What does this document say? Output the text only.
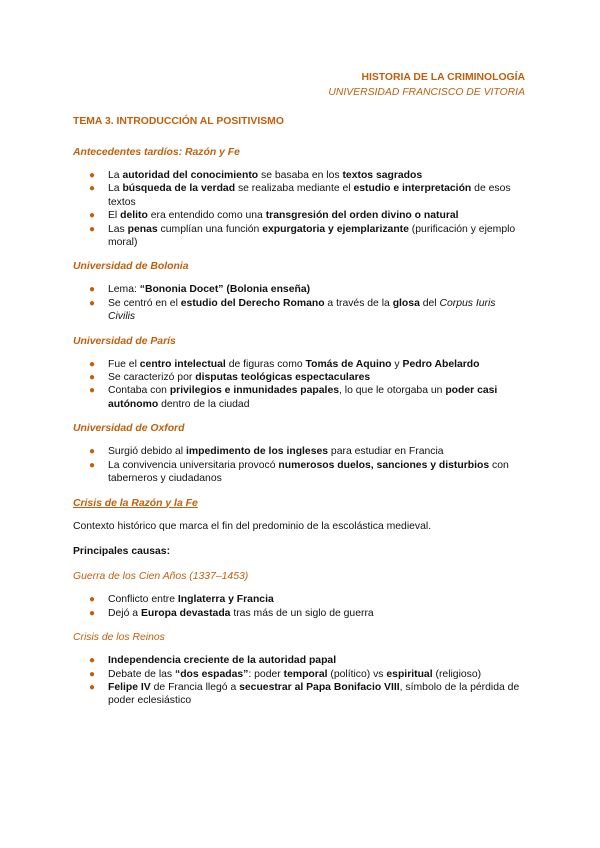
HISTORIA DE LA CRIMINOLOGÍA
UNIVERSIDAD FRANCISCO DE VITORIA
TEMA 3. INTRODUCCIÓN AL POSITIVISMO
Antecedentes tardíos: Razón y Fe
● La autoridad del conocimiento se basaba en los textos sagrados
● La búsqueda de la verdad se realizaba mediante el estudio e interpretación de esos textos
● El delito era entendido como una transgresión del orden divino o natural
● Las penas cumplían una función expurgatoria y ejemplarizante (purificación y ejemplo moral)
Universidad de Bolonia
● Lema: “Bononia Docet” (Bolonia enseña)
● Se centró en el estudio del Derecho Romano a través de la glosa del Corpus Iuris Civilis
Universidad de París
● Fue el centro intelectual de figuras como Tomás de Aquino y Pedro Abelardo
● Se caracterizó por disputas teológicas espectaculares
● Contaba con privilegios e inmunidades papales, lo que le otorgaba un poder casi autónomo dentro de la ciudad
Universidad de Oxford
● Surgió debido al impedimento de los ingleses para estudiar en Francia
● La convivencia universitaria provocó numerosos duelos, sanciones y disturbios con taberneros y ciudadanos
Crisis de la Razón y la Fe

Contexto histórico que marca el fin del predominio de la escolástica medieval.

Principales causas:
Guerra de los Cien Años (1337–1453)
● Conflicto entre Inglaterra y Francia
● Dejó a Europa devastada tras más de un siglo de guerra
Crisis de los Reinos
● Independencia creciente de la autoridad papal
● Debate de las “dos espadas”: poder temporal (político) vs espiritual (religioso)
● Felipe IV de Francia llegó a secuestrar al Papa Bonifacio VIII, símbolo de la pérdida de poder eclesiástico
